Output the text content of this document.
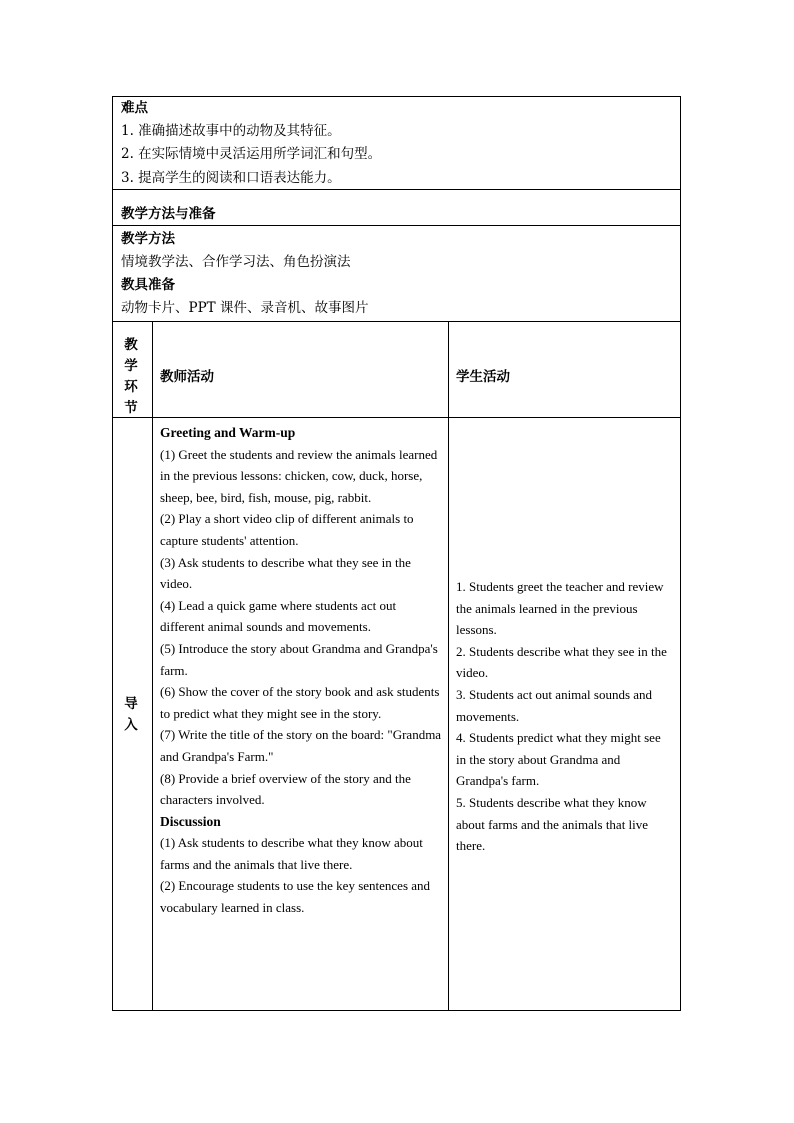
难点
1. 准确描述故事中的动物及其特征。
2. 在实际情境中灵活运用所学词汇和句型。
3. 提高学生的阅读和口语表达能力。
教学方法与准备
教学方法
情境教学法、合作学习法、角色扮演法
教具准备
动物卡片、PPT 课件、录音机、故事图片
教
学
环
节
教师活动	学生活动
导
入

Greeting and Warm-up

(1) Greet the students and review the animals learned in the previous lessons: chicken, cow, duck, horse, sheep, bee, bird, fish, mouse, pig, rabbit.

(2) Play a short video clip of different animals to capture students' attention.

(3) Ask students to describe what they see in the video.

(4) Lead a quick game where students act out different animal sounds and movements.

(5) Introduce the story about Grandma and Grandpa's farm.

(6) Show the cover of the story book and ask students to predict what they might see in the story.

(7) Write the title of the story on the board: "Grandma and Grandpa's Farm."

(8) Provide a brief overview of the story and the characters involved.

Discussion

(1) Ask students to describe what they know about farms and the animals that live there.

(2) Encourage students to use the key sentences and vocabulary learned in class.

1. Students greet the teacher and review the animals learned in the previous lessons.

2. Students describe what they see in the video.

3. Students act out animal sounds and movements.

4. Students predict what they might see in the story about Grandma and Grandpa's farm.

5. Students describe what they know about farms and the animals that live there.
